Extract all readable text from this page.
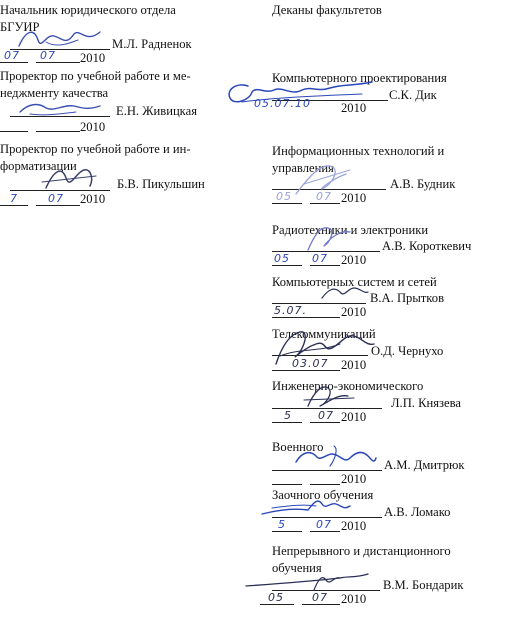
Начальник юридического отдела
БГУИР
М.Л. Радненок
07 07 2010
Проректор по учебной работе и ме-
неджменту качества
Е.Н. Живицкая
2010
Проректор по учебной работе и ин-
форматизации
Б.В. Пикульшин
7	07 2010
Деканы факультетов
Компьютерного проектирования
С.К. Дик
05.07.10 2010
Информационных технологий и
управления
А.В. Будник
05 07 2010
Радиотехники и электроники
А.В. Короткевич
05 07 2010
Компьютерных систем и сетей
В.А. Прытков
5.07.	2010
Телекоммуникаций
О.Д. Чернухо
03.07 2010
Инженерно-экономического
Л.П. Князева
5 07 2010
Военного
А.М. Дмитрюк
2010
Заочного обучения
А.В. Ломако
5	07 2010
Непрерывного и дистанционного
обучения
В.М. Бондарик
05	07 2010
